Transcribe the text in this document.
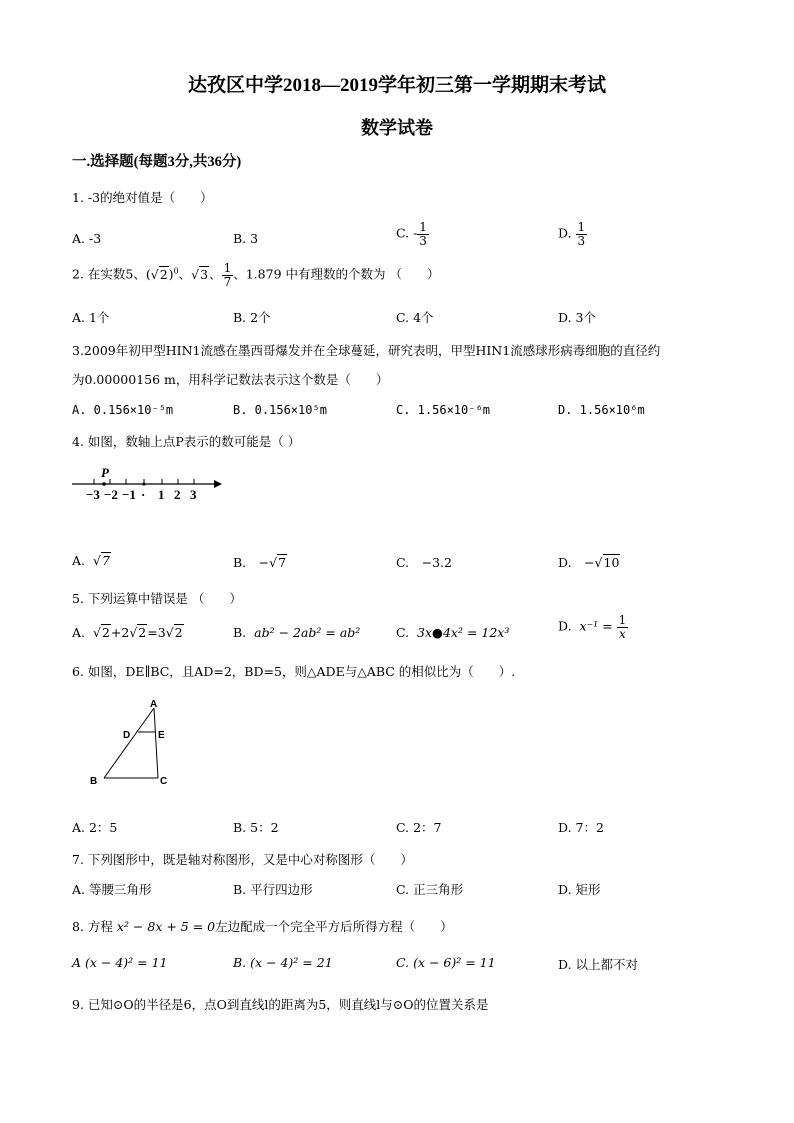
达孜区中学2018—2019学年初三第一学期期末考试
数学试卷
一.选择题(每题3分,共36分)
1. -3的绝对值是（　　）
A. -3	B. 3	C. - $\frac{1}{3}$	D. $\frac{1}{3}$
2. 在实数5、$(√2)^0$、√3、 $\frac{1}{7}$ 、1.879 中有理数的个数为 （　　）
A. 1个	B. 2个	C. 4个	D. 3个
3.2009年初甲型HIN1流感在墨西哥爆发并在全球蔓延，研究表明，甲型HIN1流感球形病毒细胞的直径约
为0.00000156 m，用科学记数法表示这个数是（　　）
A. 0.156×10⁻⁵m	B. 0.156×10⁵m	C. 1.56×10⁻⁶m	D. 1.56×10⁶m
4. 如图，数轴上点P表示的数可能是（ ）
P
−3 −2 −1 · 1 2 3
A. √7	B.　−√7	C.　−3.2	D.　−√10
5. 下列运算中错误是 （　　）
A. √2+2√2=3√2	B. ab² − 2ab² = ab²	C. 3x●4x² = 12x³	D. $x^{-1} = \frac{1}{x}$
6. 如图，DE∥BC，且AD=2，BD=5，则△ADE与△ABC 的相似比为（　　）.
A
D	E
B	C
A. 2：5	B. 5：2	C. 2：7	D. 7：2
7. 下列图形中，既是轴对称图形，又是中心对称图形（　　）
A. 等腰三角形	B. 平行四边形	C. 正三角形	D. 矩形
8. 方程 x² − 8x + 5 = 0左边配成一个完全平方后所得方程（　　）
A (x − 4)² = 11	B. (x − 4)² = 21	C. (x − 6)² = 11	D. 以上都不对
9. 已知⊙O的半径是6，点O到直线l的距离为5，则直线l与⊙O的位置关系是
